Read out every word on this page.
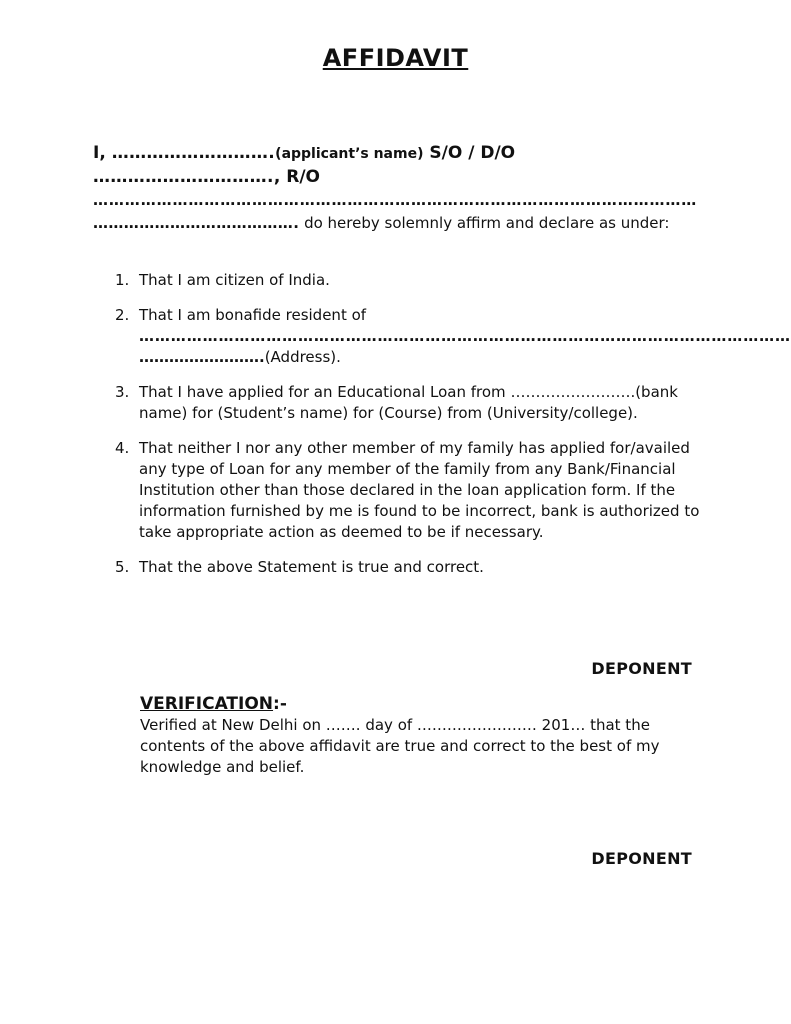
AFFIDAVIT
I, ……………………….(applicant’s name) S/O / D/O
…………………………., R/O
……………………………………………………………………………………………………
…………………………………. do hereby solemnly affirm and declare as under:
1. That I am citizen of India.
2. That I am bonafide resident of
……………………………………………………………………………………………………………
…………………….(Address).
3. That I have applied for an Educational Loan from …………………….(bank name) for (Student’s name) for (Course) from (University/college).
4. That neither I nor any other member of my family has applied for/availed any type of Loan for any member of the family from any Bank/Financial Institution other than those declared in the loan application form. If the information furnished by me is found to be incorrect, bank is authorized to take appropriate action as deemed to be if necessary.
5. That the above Statement is true and correct.
DEPONENT
VERIFICATION:-
Verified at New Delhi on ……. day of …………………… 201… that the contents of the above affidavit are true and correct to the best of my knowledge and belief.
DEPONENT
